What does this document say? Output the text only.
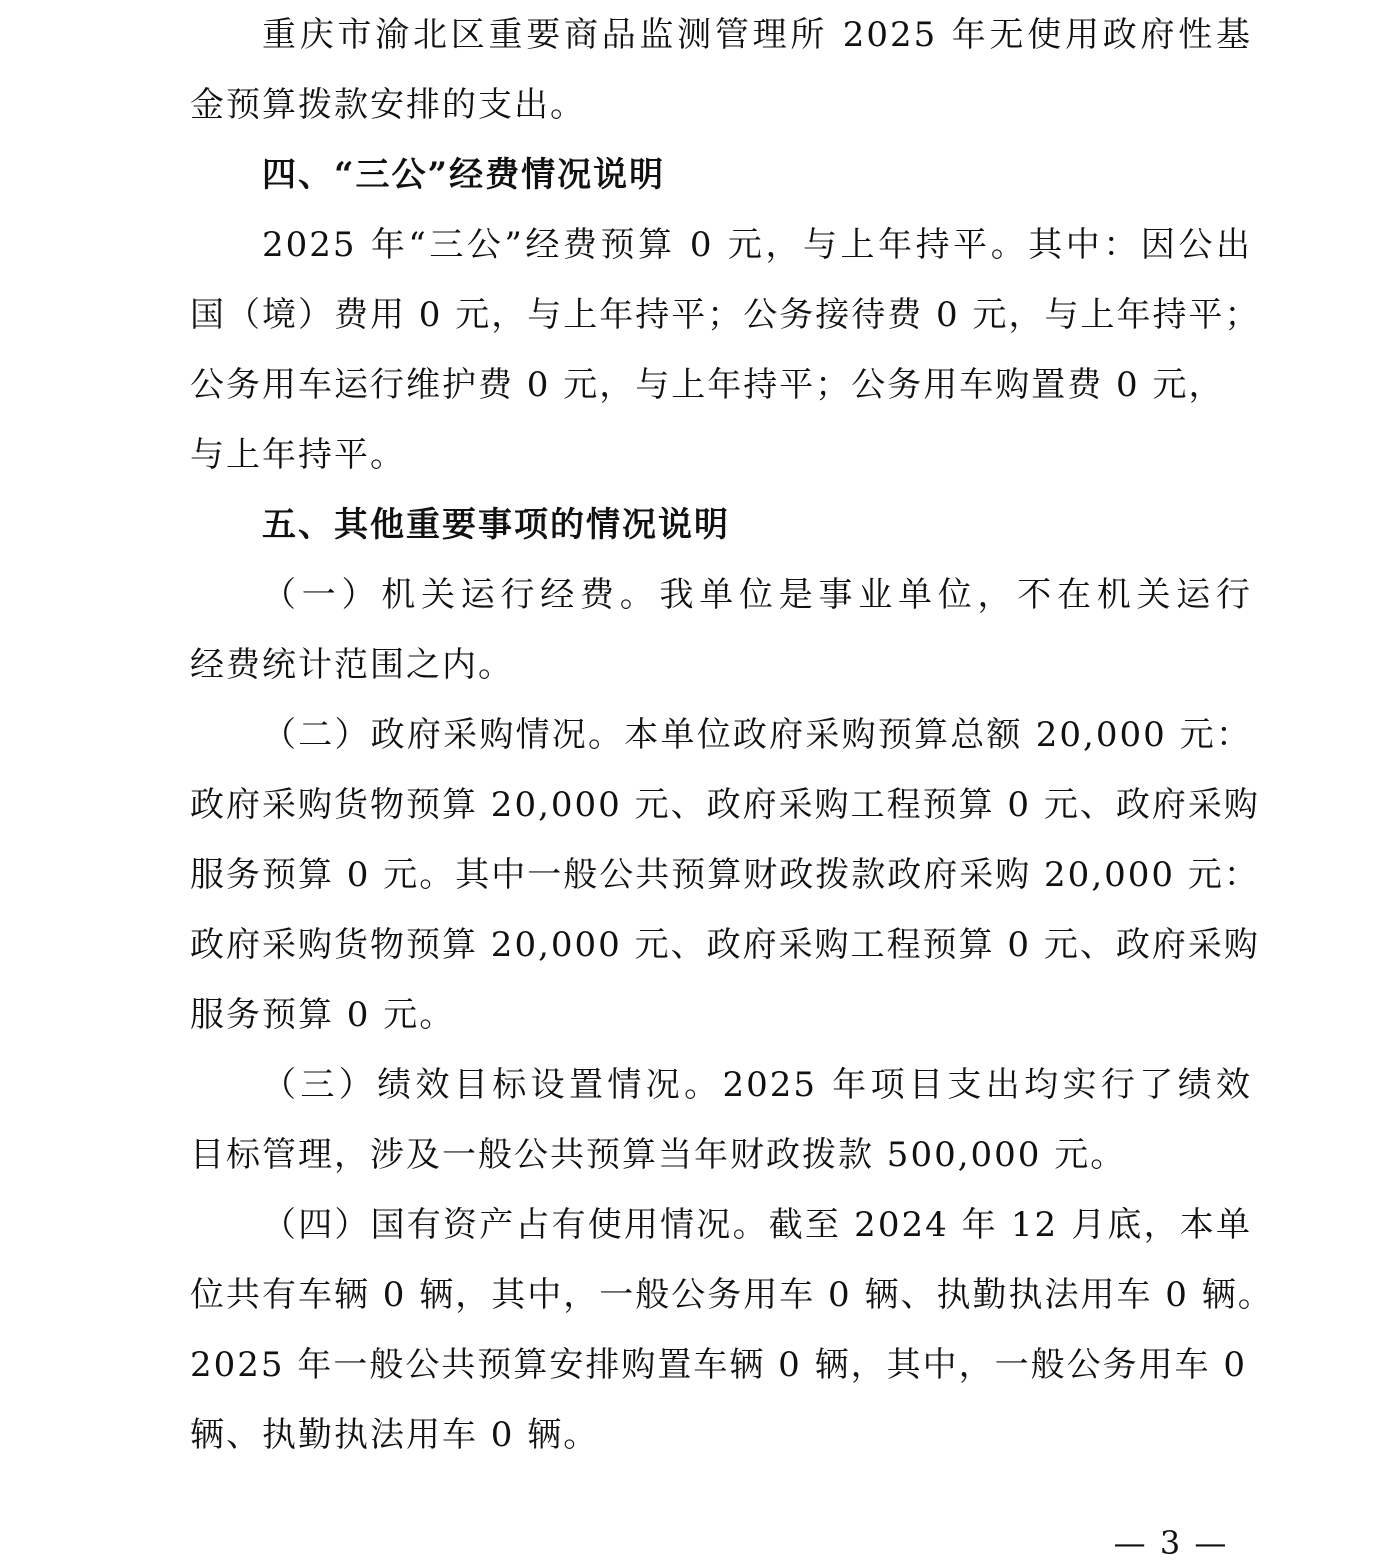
重庆市渝北区重要商品监测管理所 2025 年无使用政府性基
金预算拨款安排的支出。
四、“三公”经费情况说明
2025 年“三公”经费预算 0 元，与上年持平。其中：因公出
国（境）费用 0 元，与上年持平；公务接待费 0 元，与上年持平；
公务用车运行维护费 0 元，与上年持平；公务用车购置费 0 元，
与上年持平。
五、其他重要事项的情况说明
（一）机关运行经费。我单位是事业单位，不在机关运行
经费统计范围之内。
（二）政府采购情况。本单位政府采购预算总额 20,000 元：
政府采购货物预算 20,000 元、政府采购工程预算 0 元、政府采购
服务预算 0 元。其中一般公共预算财政拨款政府采购 20,000 元：
政府采购货物预算 20,000 元、政府采购工程预算 0 元、政府采购
服务预算 0 元。
（三）绩效目标设置情况。2025 年项目支出均实行了绩效
目标管理，涉及一般公共预算当年财政拨款 500,000 元。
（四）国有资产占有使用情况。截至 2024 年 12 月底，本单
位共有车辆 0 辆，其中，一般公务用车 0 辆、执勤执法用车 0 辆。
2025 年一般公共预算安排购置车辆 0 辆，其中，一般公务用车 0
辆、执勤执法用车 0 辆。
— 3 —
